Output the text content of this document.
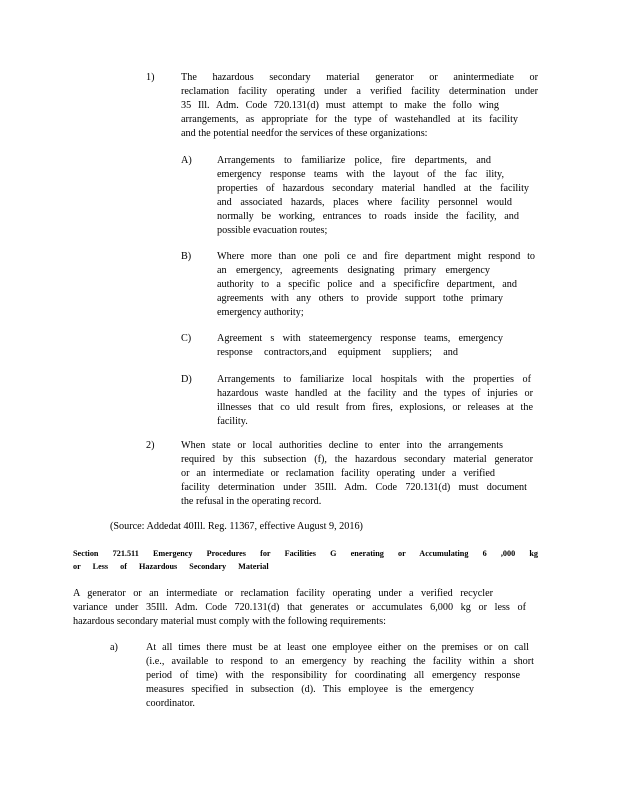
1)	The hazardous secondary material generator or anintermediate or
reclamation facility operating under a verified facility determination under
35 Ill. Adm. Code 720.131(d) must attempt to make the follo wing
arrangements, as appropriate for the type of wastehandled at its facility
and the potential needfor the services of these organizations:
A) Arrangements to familiarize police, fire departments, and
emergency response teams with the layout of the fac ility,
properties of hazardous secondary material handled at the facility
and associated hazards, places where facility personnel would
normally be working, entrances to roads inside the facility, and
possible evacuation routes;
B)	Where more than one poli ce and fire department might respond to
an emergency, agreements designating primary emergency
authority to a specific police and a specificfire department, and
agreements with any others to provide support tothe primary
emergency authority;
C)	Agreement s with stateemergency response teams, emergency
response contractors,and equipment suppliers; and
D) Arrangements to familiarize local hospitals with the properties of
hazardous waste handled at the facility and the types of injuries or
illnesses that co uld result from fires, explosions, or releases at the
facility.
2)	When state or local authorities decline to enter into the arrangements
required by this subsection (f), the hazardous secondary material generator
or an intermediate or reclamation facility operating under a verified
facility determination under 35Ill. Adm. Code 720.131(d) must document
the refusal in the operating record.
(Source: Addedat 40Ill. Reg. 11367, effective August 9, 2016)
Section 721.511 Emergency Procedures for Facilities G enerating or Accumulating 6 ,000 kg
or Less of Hazardous Secondary Material
A generator or an intermediate or reclamation facility operating under a verified recycler
variance under 35Ill. Adm. Code 720.131(d) that generates or accumulates 6,000 kg or less of
hazardous secondary material must comply with the following requirements:
a)	At all times there must be at least one employee either on the premises or on call
(i.e., available to respond to an emergency by reaching the facility within a short
period of time) with the responsibility for coordinating all emergency response
measures specified in subsection (d). This employee is the emergency
coordinator.
